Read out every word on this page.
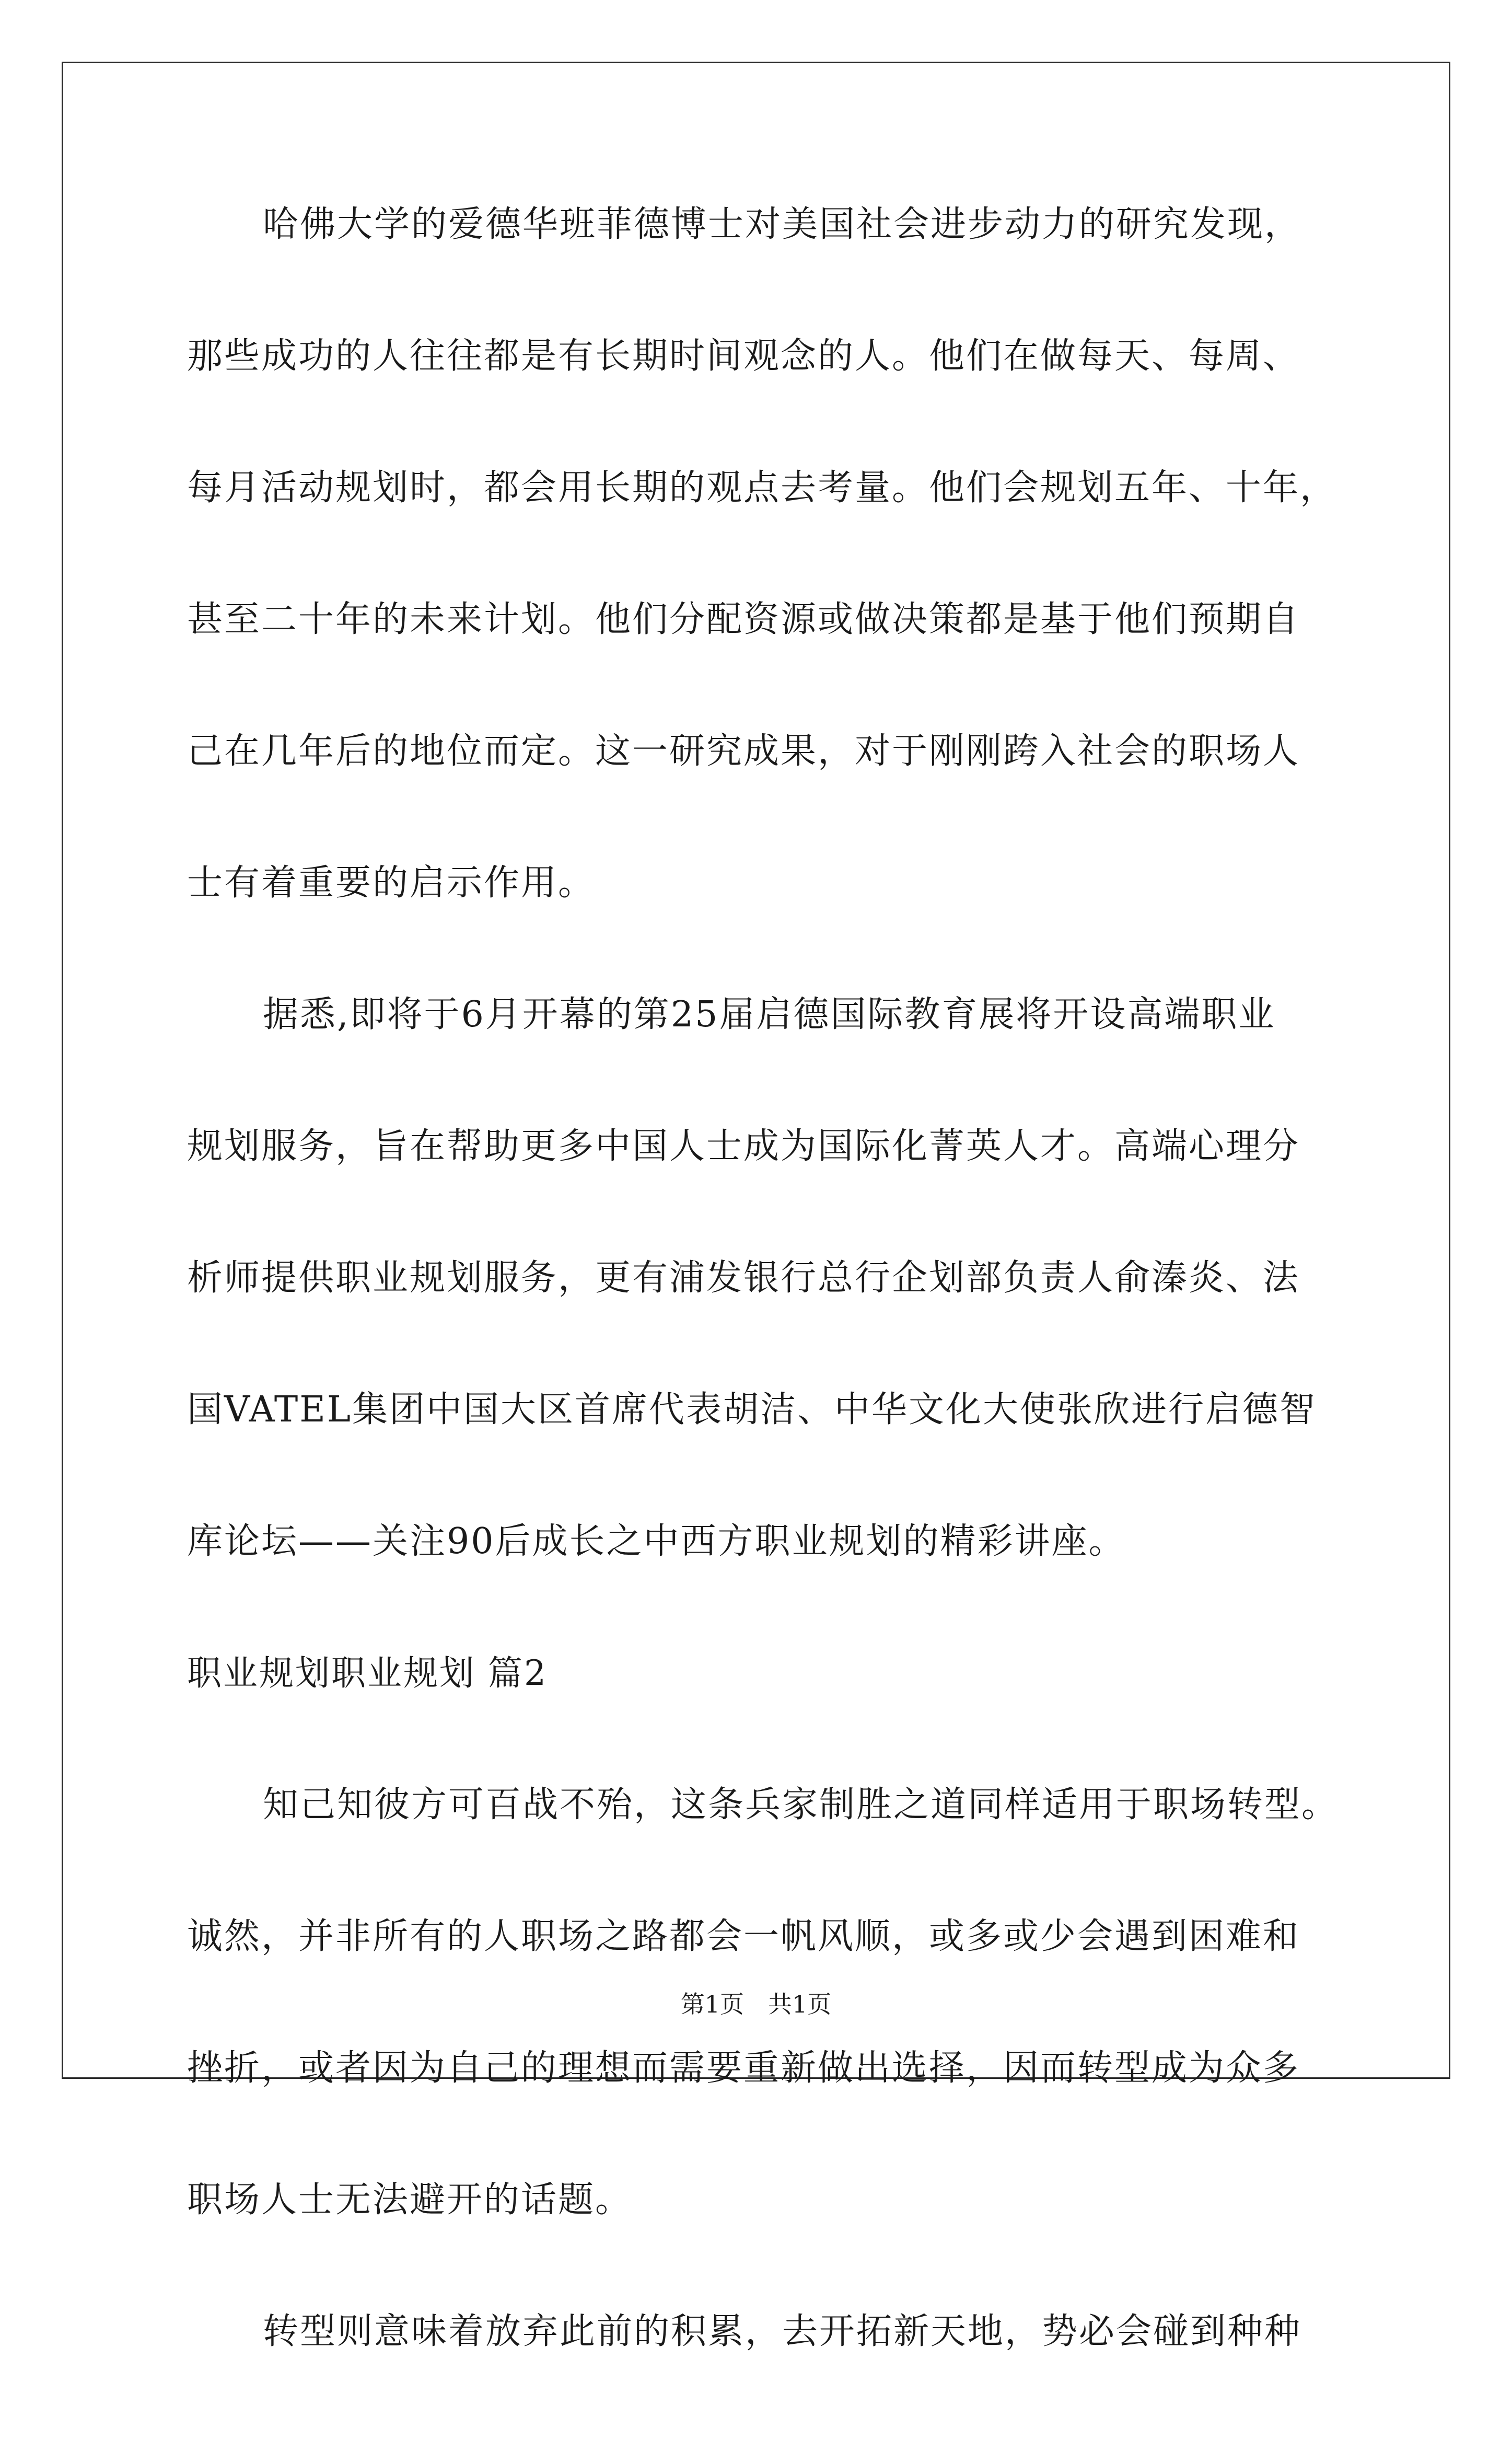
哈佛大学的爱德华班菲德博士对美国社会进步动力的研究发现，
那些成功的人往往都是有长期时间观念的人。他们在做每天、每周、
每月活动规划时，都会用长期的观点去考量。他们会规划五年、十年，
甚至二十年的未来计划。他们分配资源或做决策都是基于他们预期自
己在几年后的地位而定。这一研究成果，对于刚刚跨入社会的职场人
士有着重要的启示作用。
据悉,即将于6月开幕的第25届启德国际教育展将开设高端职业
规划服务，旨在帮助更多中国人士成为国际化菁英人才。高端心理分
析师提供职业规划服务，更有浦发银行总行企划部负责人俞溱炎、法
国VATEL集团中国大区首席代表胡洁、中华文化大使张欣进行启德智
库论坛——关注90后成长之中西方职业规划的精彩讲座。
职业规划职业规划 篇2
知己知彼方可百战不殆，这条兵家制胜之道同样适用于职场转型。
诚然，并非所有的人职场之路都会一帆风顺，或多或少会遇到困难和
挫折，或者因为自己的理想而需要重新做出选择，因而转型成为众多
职场人士无法避开的话题。
转型则意味着放弃此前的积累，去开拓新天地，势必会碰到种种
第1页　共1页
